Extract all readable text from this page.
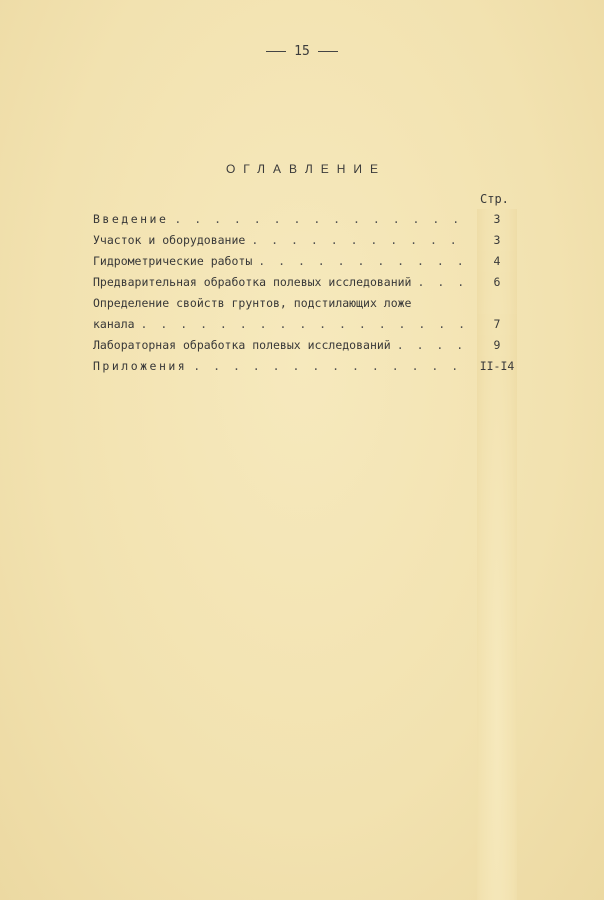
15
ОГЛАВЛЕНИЕ
Стр.
Введение . . .	3
Участок и оборудование . . .	3
Гидрометрические работы . . .	4
Предварительная обработка полевых исследований . . .	6
Определение свойств грунтов, подстилающих ложе
канала . . .	7
Лабораторная обработка полевых исследований . . .	9
Приложения . . .	II-I4
